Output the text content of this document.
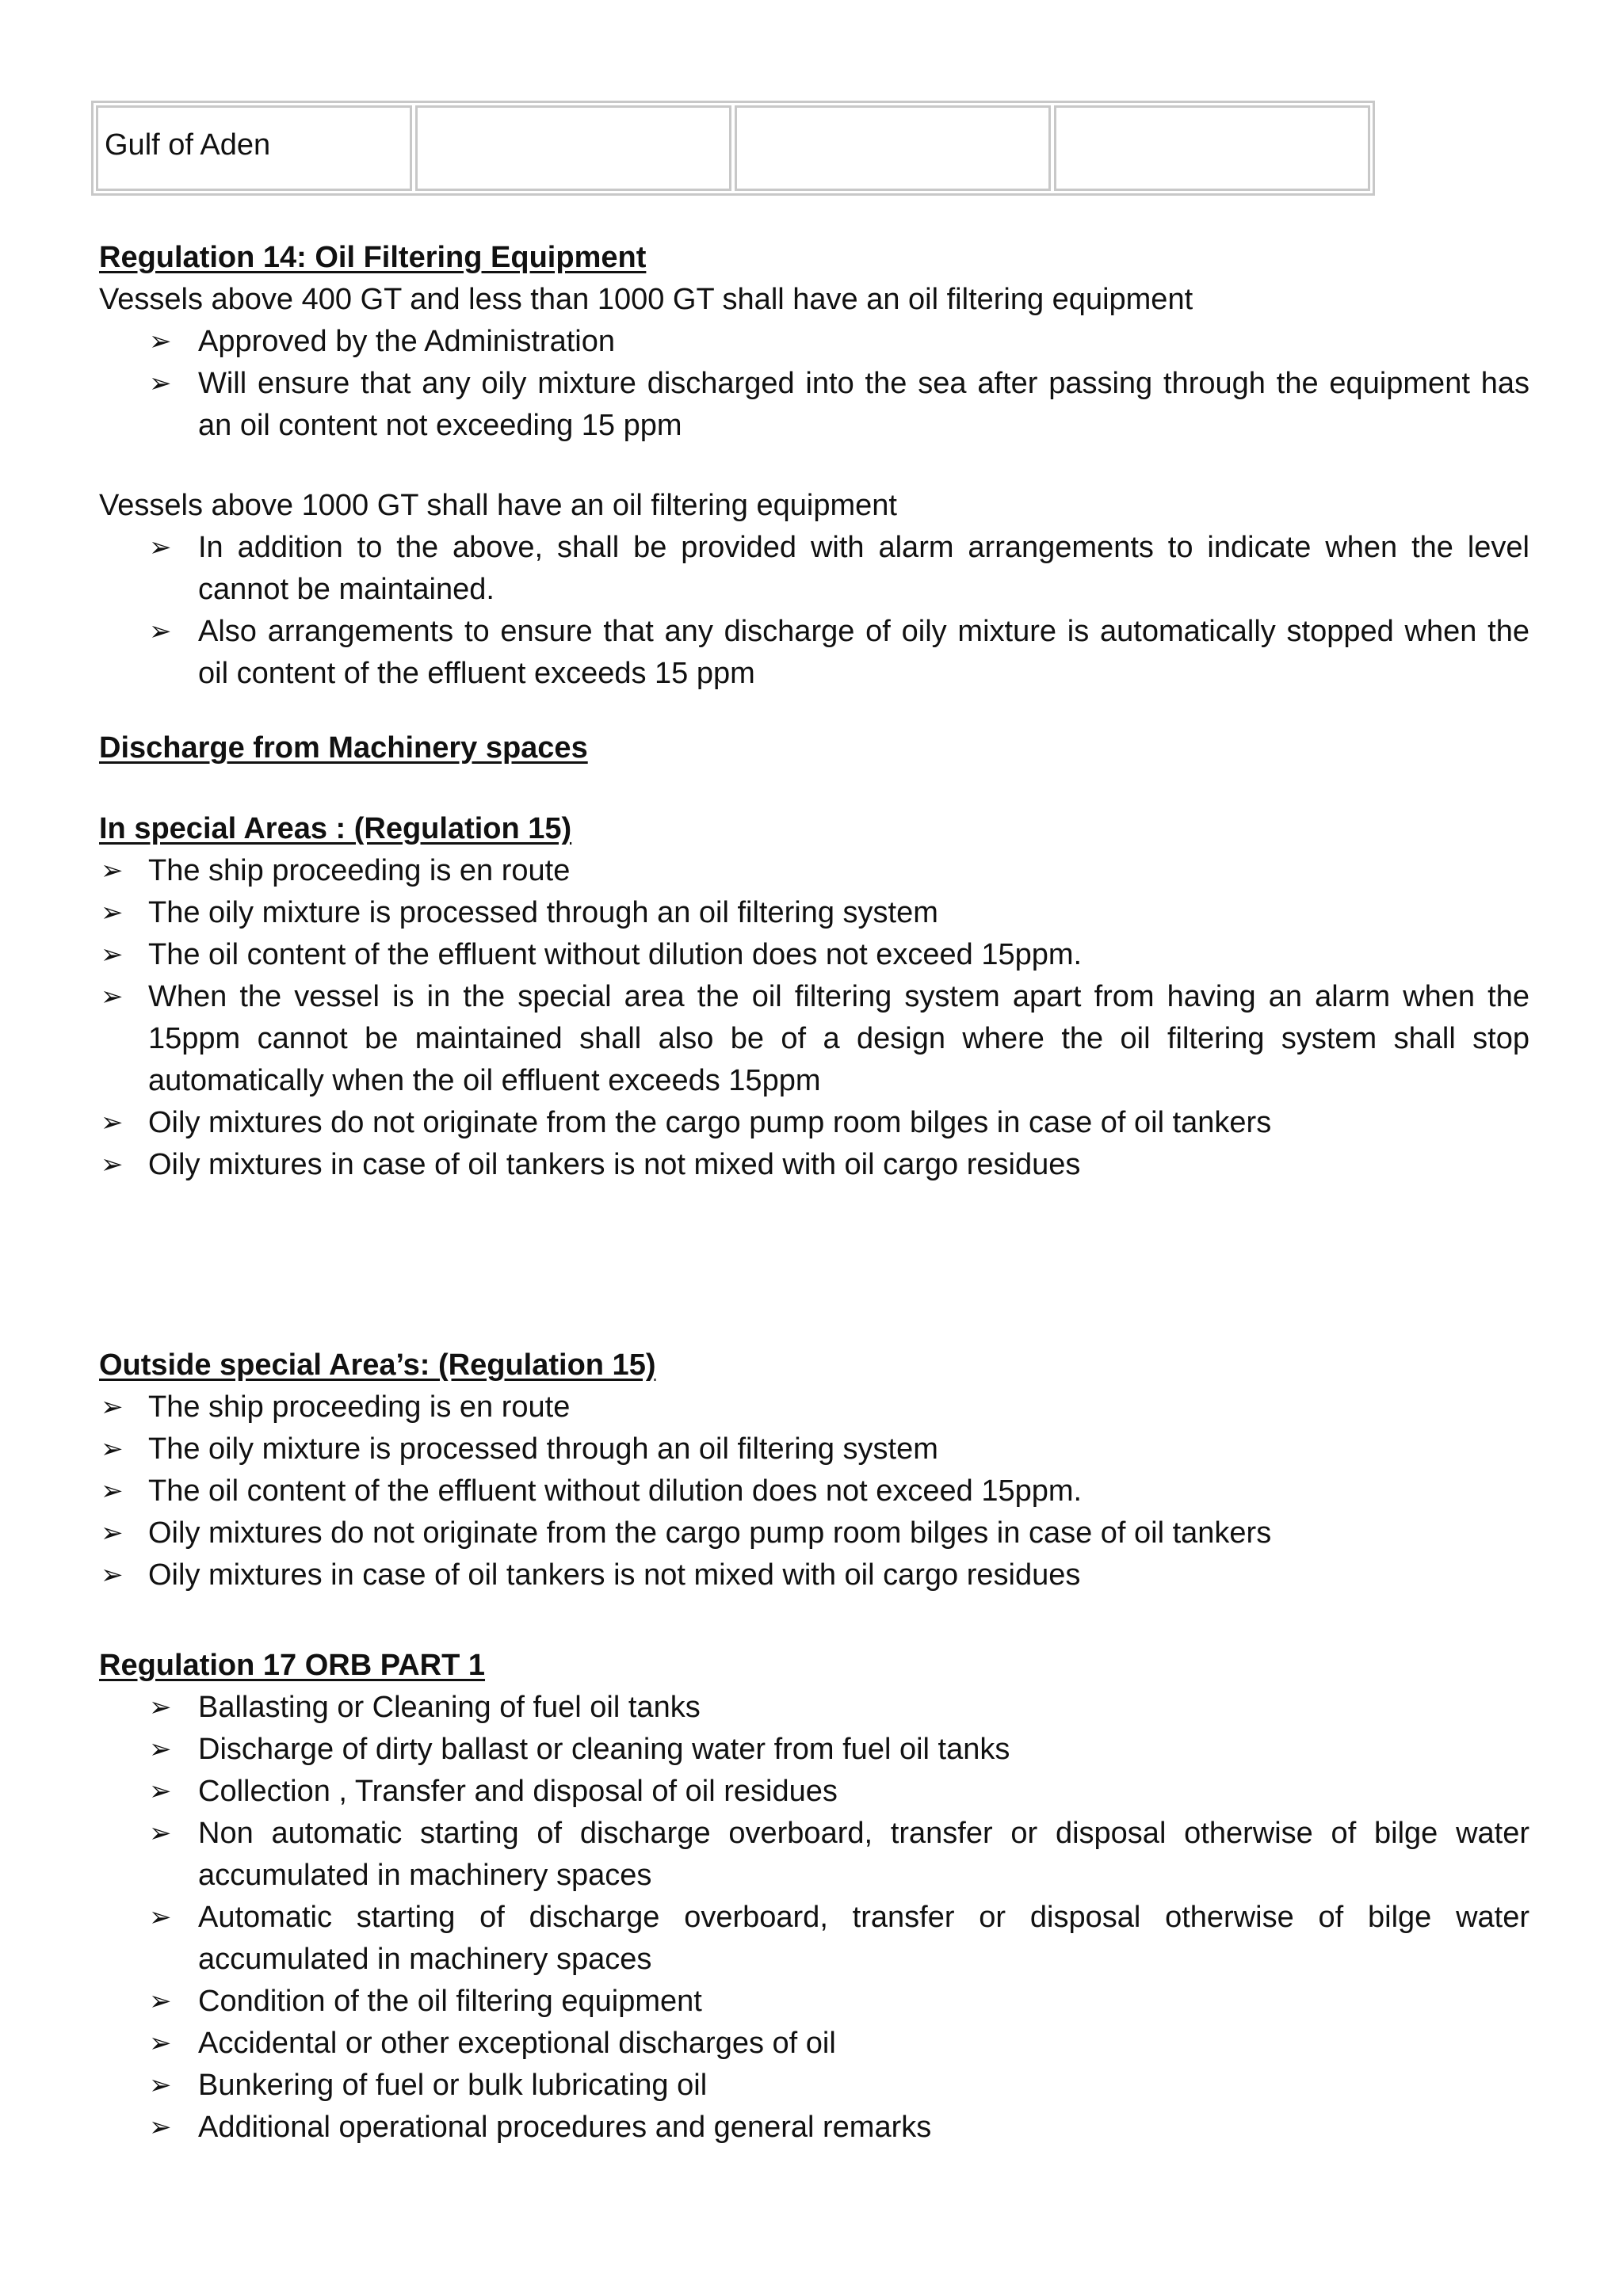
Gulf of Aden
Regulation 14: Oil Filtering Equipment

Vessels above 400 GT and less than 1000 GT shall have an oil filtering equipment

➢ Approved by the Administration
➢ Will ensure that any oily mixture discharged into the sea after passing through the equipment has an oil content not exceeding 15 ppm

Vessels above 1000 GT shall have an oil filtering equipment

➢ In addition to the above, shall be provided with alarm arrangements to indicate when the level cannot be maintained.
➢ Also arrangements to ensure that any discharge of oily mixture is automatically stopped when the oil content of the effluent exceeds 15 ppm
Discharge from Machinery spaces
In special Areas : (Regulation 15)
➢ The ship proceeding is en route
➢ The oily mixture is processed through an oil filtering system
➢ The oil content of the effluent without dilution does not exceed 15ppm.
➢ When the vessel is in the special area the oil filtering system apart from having an alarm when the 15ppm cannot be maintained shall also be of a design where the oil filtering system shall stop automatically when the oil effluent exceeds 15ppm
➢ Oily mixtures do not originate from the cargo pump room bilges in case of oil tankers
➢ Oily mixtures in case of oil tankers is not mixed with oil cargo residues
Outside special Area’s: (Regulation 15)
➢ The ship proceeding is en route
➢ The oily mixture is processed through an oil filtering system
➢ The oil content of the effluent without dilution does not exceed 15ppm.
➢ Oily mixtures do not originate from the cargo pump room bilges in case of oil tankers
➢ Oily mixtures in case of oil tankers is not mixed with oil cargo residues
Regulation 17 ORB PART 1
➢ Ballasting or Cleaning of fuel oil tanks
➢ Discharge of dirty ballast or cleaning water from fuel oil tanks
➢ Collection , Transfer and disposal of oil residues
➢ Non automatic starting of discharge overboard, transfer or disposal otherwise of bilge water accumulated in machinery spaces
➢ Automatic starting of discharge overboard, transfer or disposal otherwise of bilge water accumulated in machinery spaces
➢ Condition of the oil filtering equipment
➢ Accidental or other exceptional discharges of oil
➢ Bunkering of fuel or bulk lubricating oil
➢ Additional operational procedures and general remarks
